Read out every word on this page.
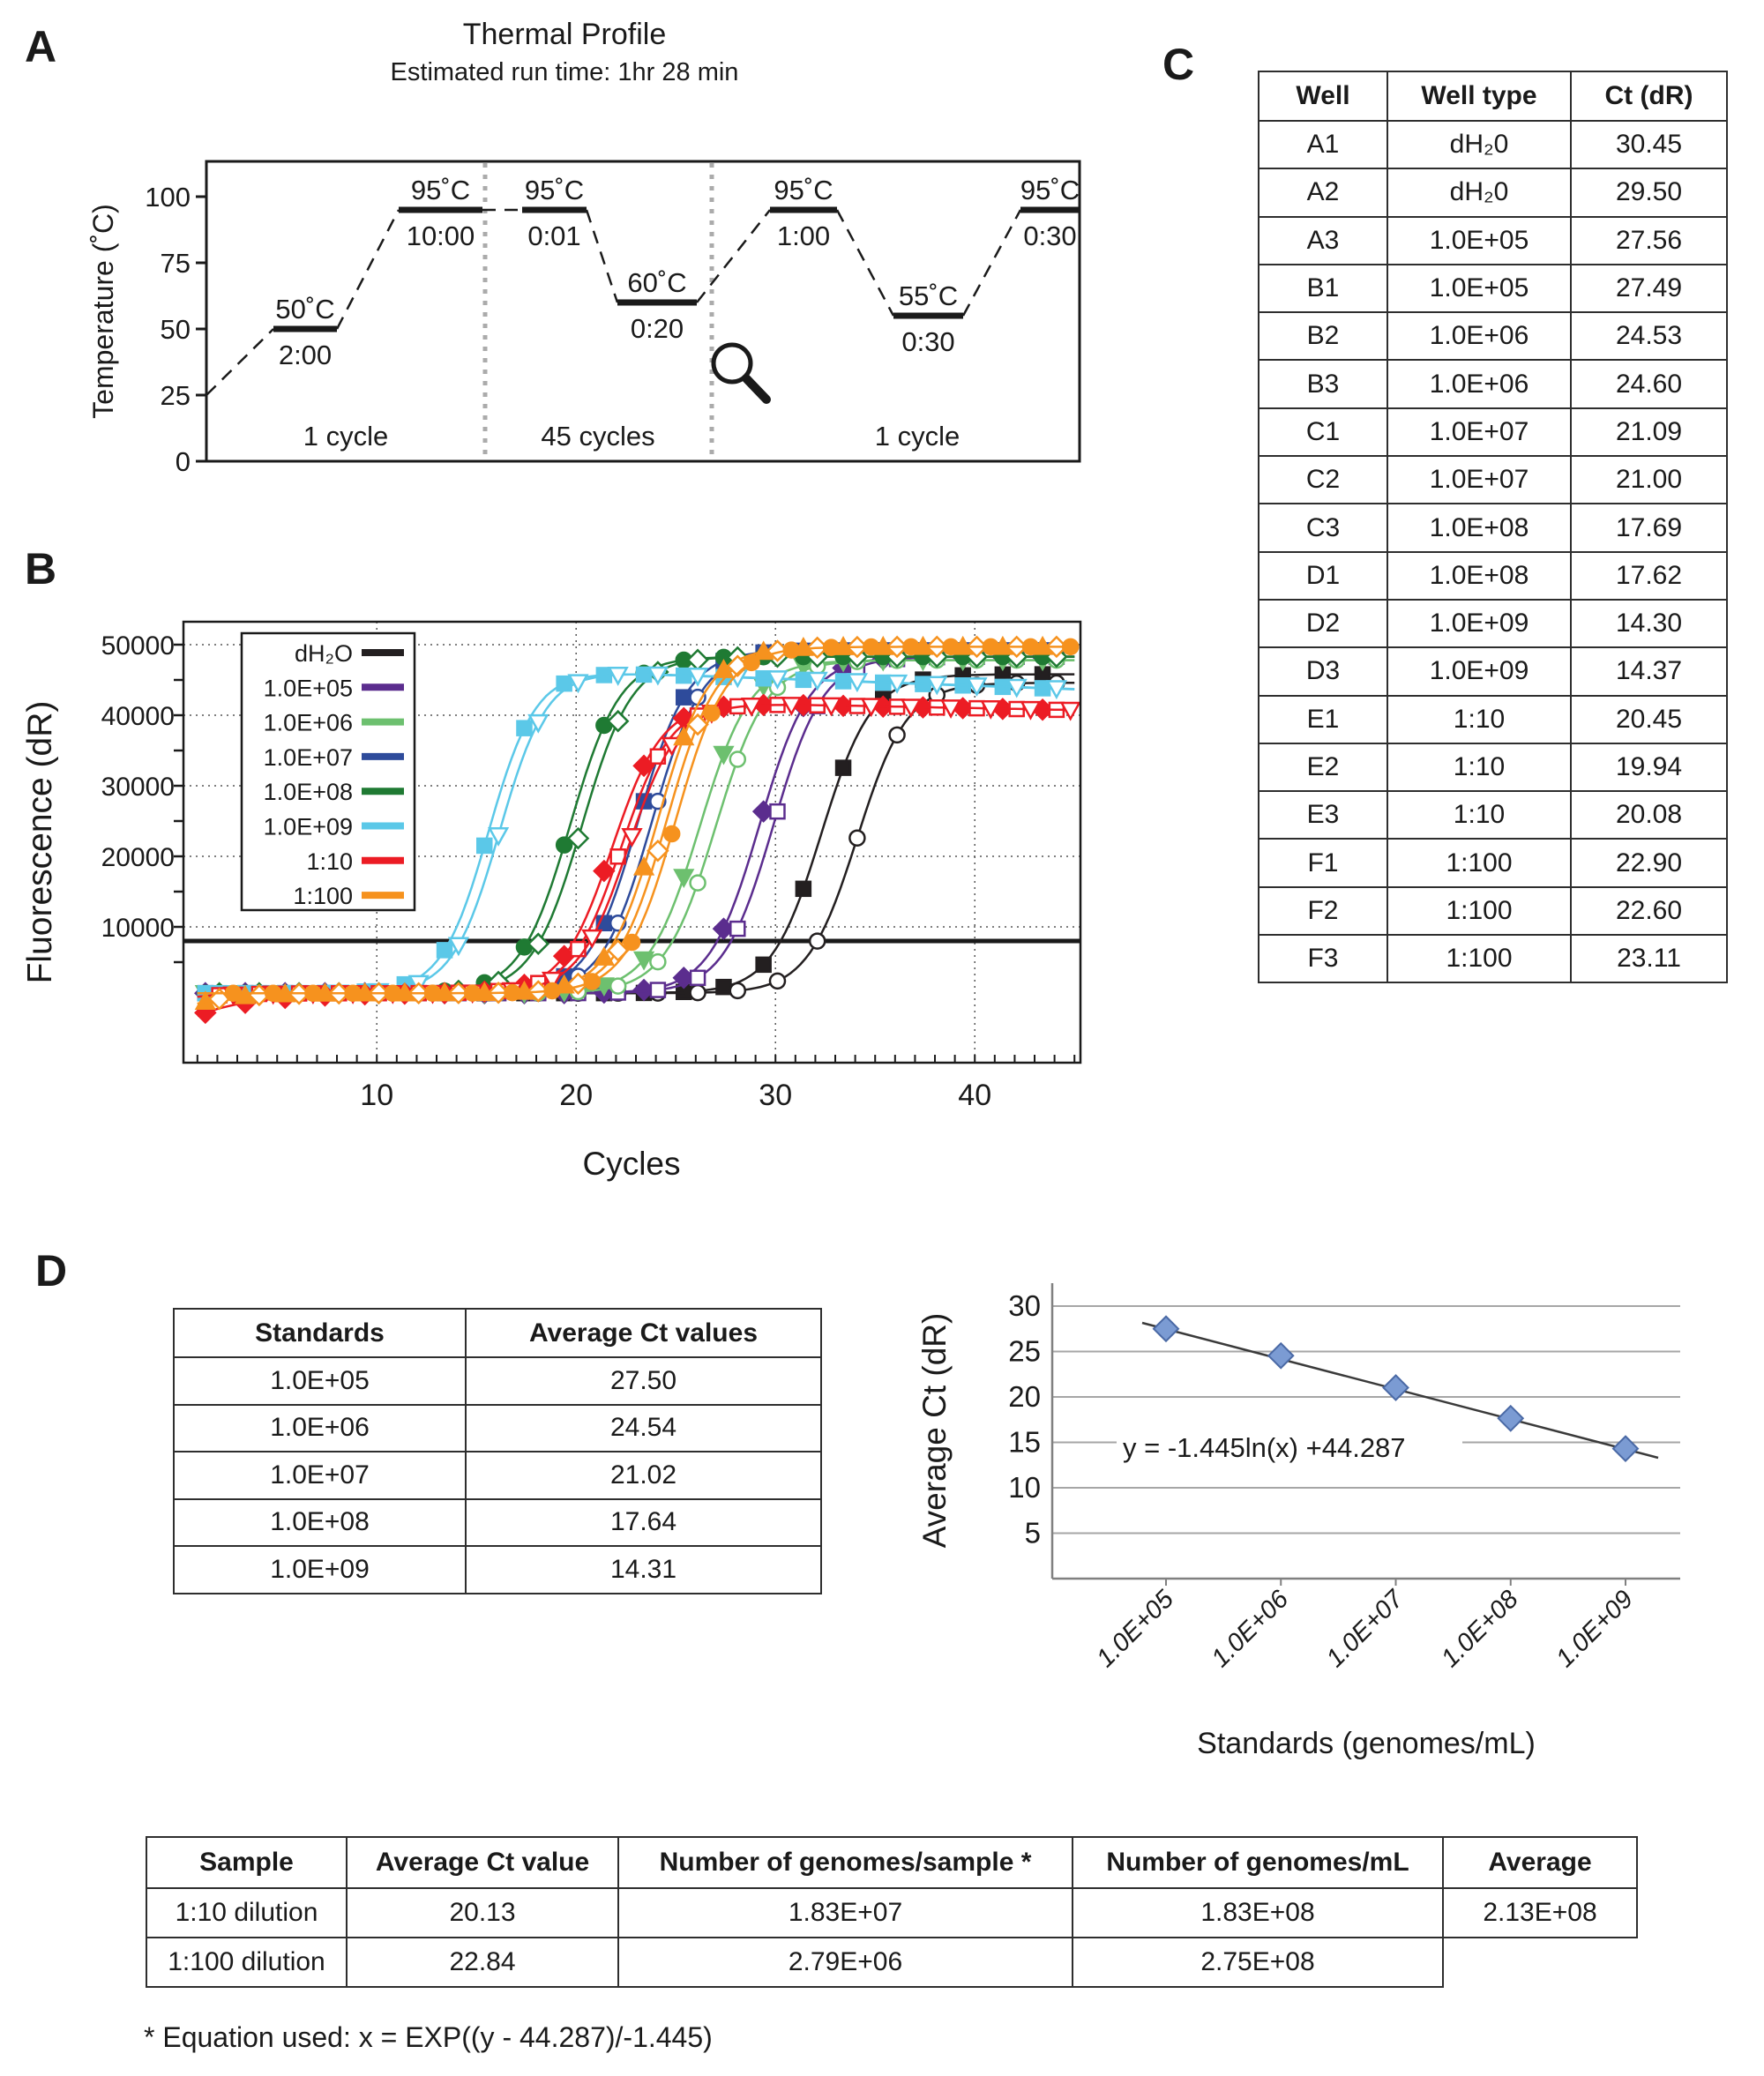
A
B
C
D
Thermal Profile
Estimated run time: 1hr 28 min
100
75
50
25
0
Temperature (˚C)	50˚C
2:00
95˚C
10:00
95˚C
0:01
60˚C
0:20
95˚C
1:00
55˚C
0:30
95˚C
0:30
1 cycle	45 cycles	1 cycle
dH₂O
1.0E+05
1.0E+06
1.0E+07
1.0E+08
1.0E+09
1:10
1:100
10	20	30	40
10000
20000
30000
40000
50000
Cycles
Fluorescence (dR)
Well	Well type	Ct (dR)
A1	dH₂0	30.45
A2	dH₂0	29.50
A3	1.0E+05	27.56
B1	1.0E+05	27.49
B2	1.0E+06	24.53
B3	1.0E+06	24.60
C1	1.0E+07	21.09
C2	1.0E+07	21.00
C3	1.0E+08	17.69
D1	1.0E+08	17.62
D2	1.0E+09	14.30
D3	1.0E+09	14.37
E1	1:10	20.45
E2	1:10	19.94
E3	1:10	20.08
F1	1:100	22.90
F2	1:100	22.60
F3	1:100	23.11
Standards	Average Ct values
1.0E+05	27.50
1.0E+06	24.54
1.0E+07	21.02
1.0E+08	17.64
1.0E+09	14.31
y = -1.445ln(x) +44.287
30
25
20
15
10
5
1.0E+05 1.0E+06 1.0E+07 1.0E+08 1.0E+09
Standards (genomes/mL)
Average Ct (dR)
Sample	Average Ct value	Number of genomes/sample *	Number of genomes/mL	Average
1:10 dilution	20.13	1.83E+07	1.83E+08	2.13E+08
1:100 dilution	22.84	2.79E+06	2.75E+08	
* Equation used: x = EXP((y - 44.287)/-1.445)
